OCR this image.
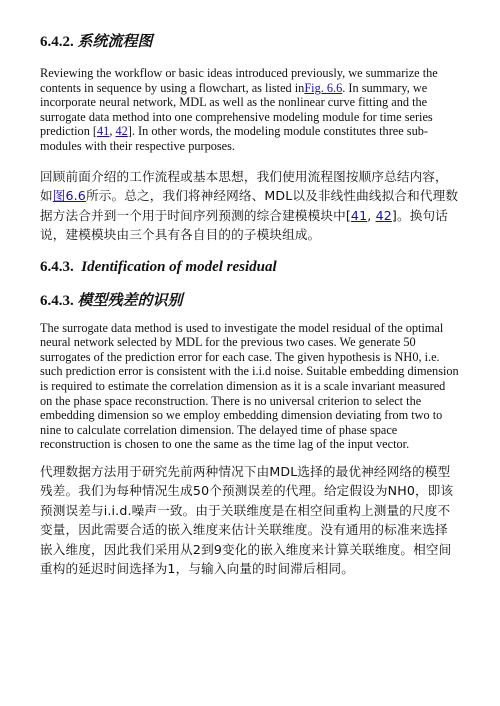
6.4.2. 系统流程图

Reviewing the workflow or basic ideas introduced previously, we summarize the contents in sequence by using a flowchart, as listed inFig. 6.6. In summary, we incorporate neural network, MDL as well as the nonlinear curve fitting and the surrogate data method into one comprehensive modeling module for time series prediction [41, 42]. In other words, the modeling module constitutes three sub-modules with their respective purposes.

回顾前面介绍的工作流程或基本思想，我们使用流程图按顺序总结内容，如图6.6所示。总之，我们将神经网络、MDL以及非线性曲线拟合和代理数据方法合并到一个用于时间序列预测的综合建模模块中[41, 42]。换句话说，建模模块由三个具有各自目的的子模块组成。

6.4.3. Identification of model residual
6.4.3. 模型残差的识别

The surrogate data method is used to investigate the model residual of the optimal neural network selected by MDL for the previous two cases. We generate 50 surrogates of the prediction error for each case. The given hypothesis is NH0, i.e. such prediction error is consistent with the i.i.d noise. Suitable embedding dimension is required to estimate the correlation dimension as it is a scale invariant measured on the phase space reconstruction. There is no universal criterion to select the embedding dimension so we employ embedding dimension deviating from two to nine to calculate correlation dimension. The delayed time of phase space reconstruction is chosen to one the same as the time lag of the input vector.

代理数据方法用于研究先前两种情况下由MDL选择的最优神经网络的模型残差。我们为每种情况生成50个预测误差的代理。给定假设为NH0，即该预测误差与i.i.d.噪声一致。由于关联维度是在相空间重构上测量的尺度不变量，因此需要合适的嵌入维度来估计关联维度。没有通用的标准来选择嵌入维度，因此我们采用从2到9变化的嵌入维度来计算关联维度。相空间重构的延迟时间选择为1，与输入向量的时间滞后相同。
